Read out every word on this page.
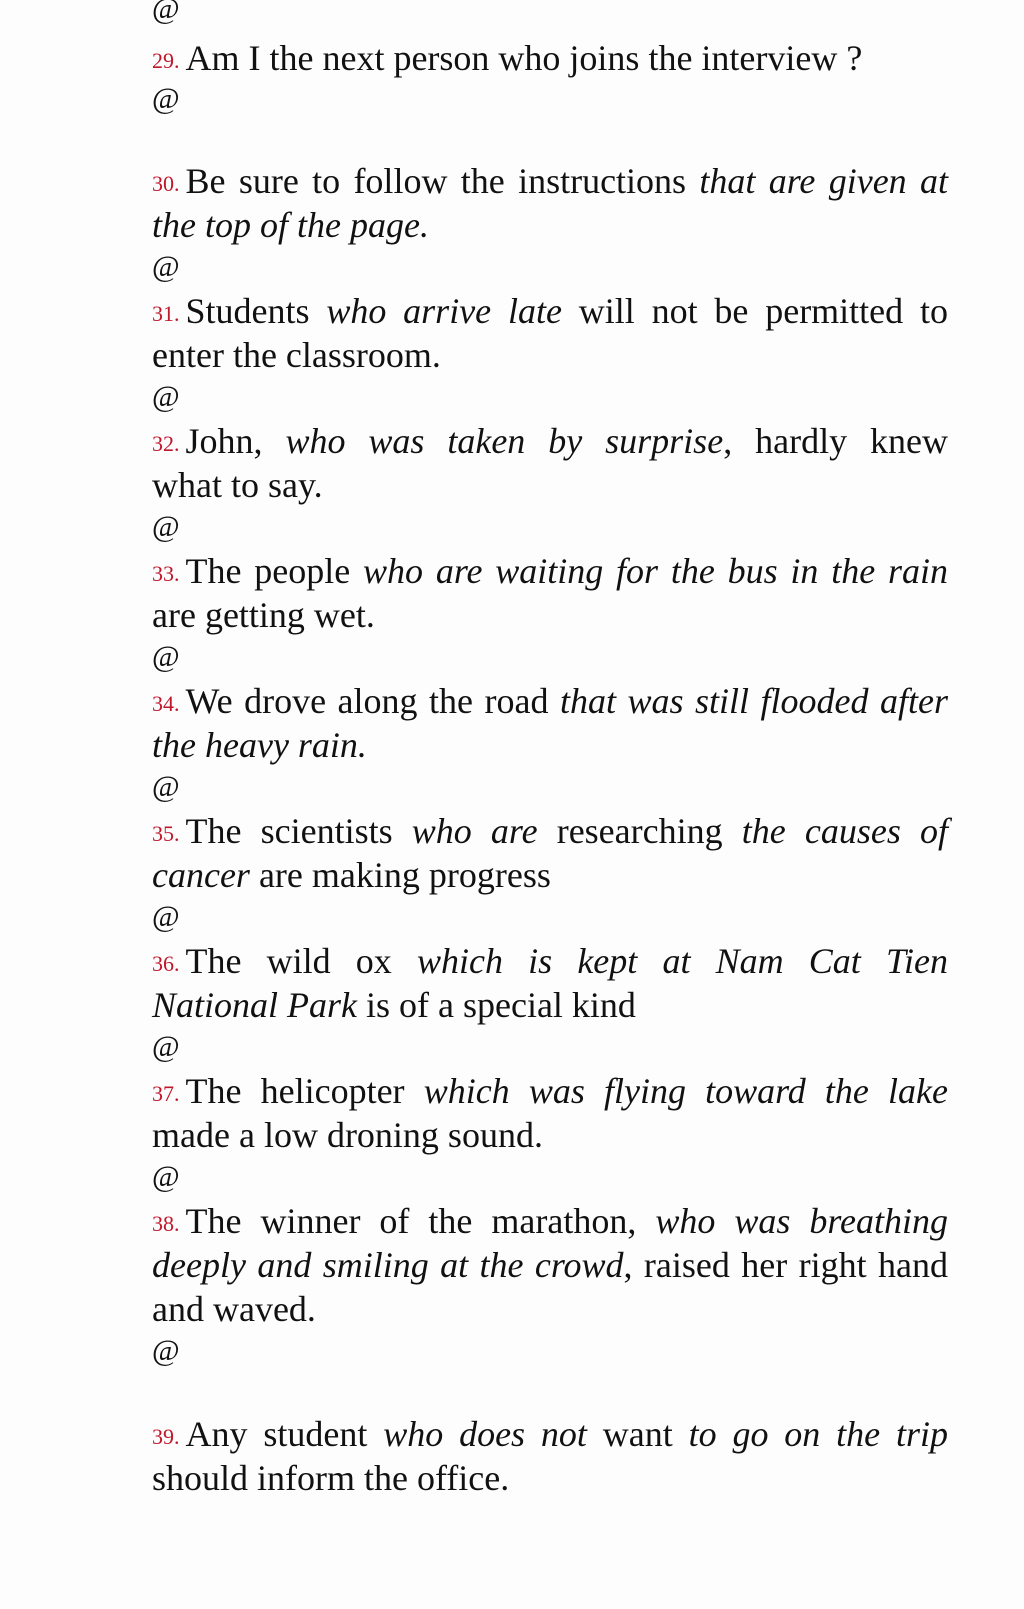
@
29. Am I the next person who joins the interview ?
@
30. Be sure to follow the instructions that are given at
the top of the page.
@
31. Students who arrive late will not be permitted to
enter the classroom.
@
32. John, who was taken by surprise, hardly knew
what to say.
@
33. The people who are waiting for the bus in the rain
are getting wet.
@
34. We drove along the road that was still flooded after
the heavy rain.
@
35. The scientists who are researching the causes of
cancer are making progress
@
36. The wild ox which is kept at Nam Cat Tien
National Park is of a special kind
@
37. The helicopter which was flying toward the lake
made a low droning sound.
@
38. The winner of the marathon, who was breathing
deeply and smiling at the crowd, raised her right hand
and waved.
@
39. Any student who does not want to go on the trip
should inform the office.
